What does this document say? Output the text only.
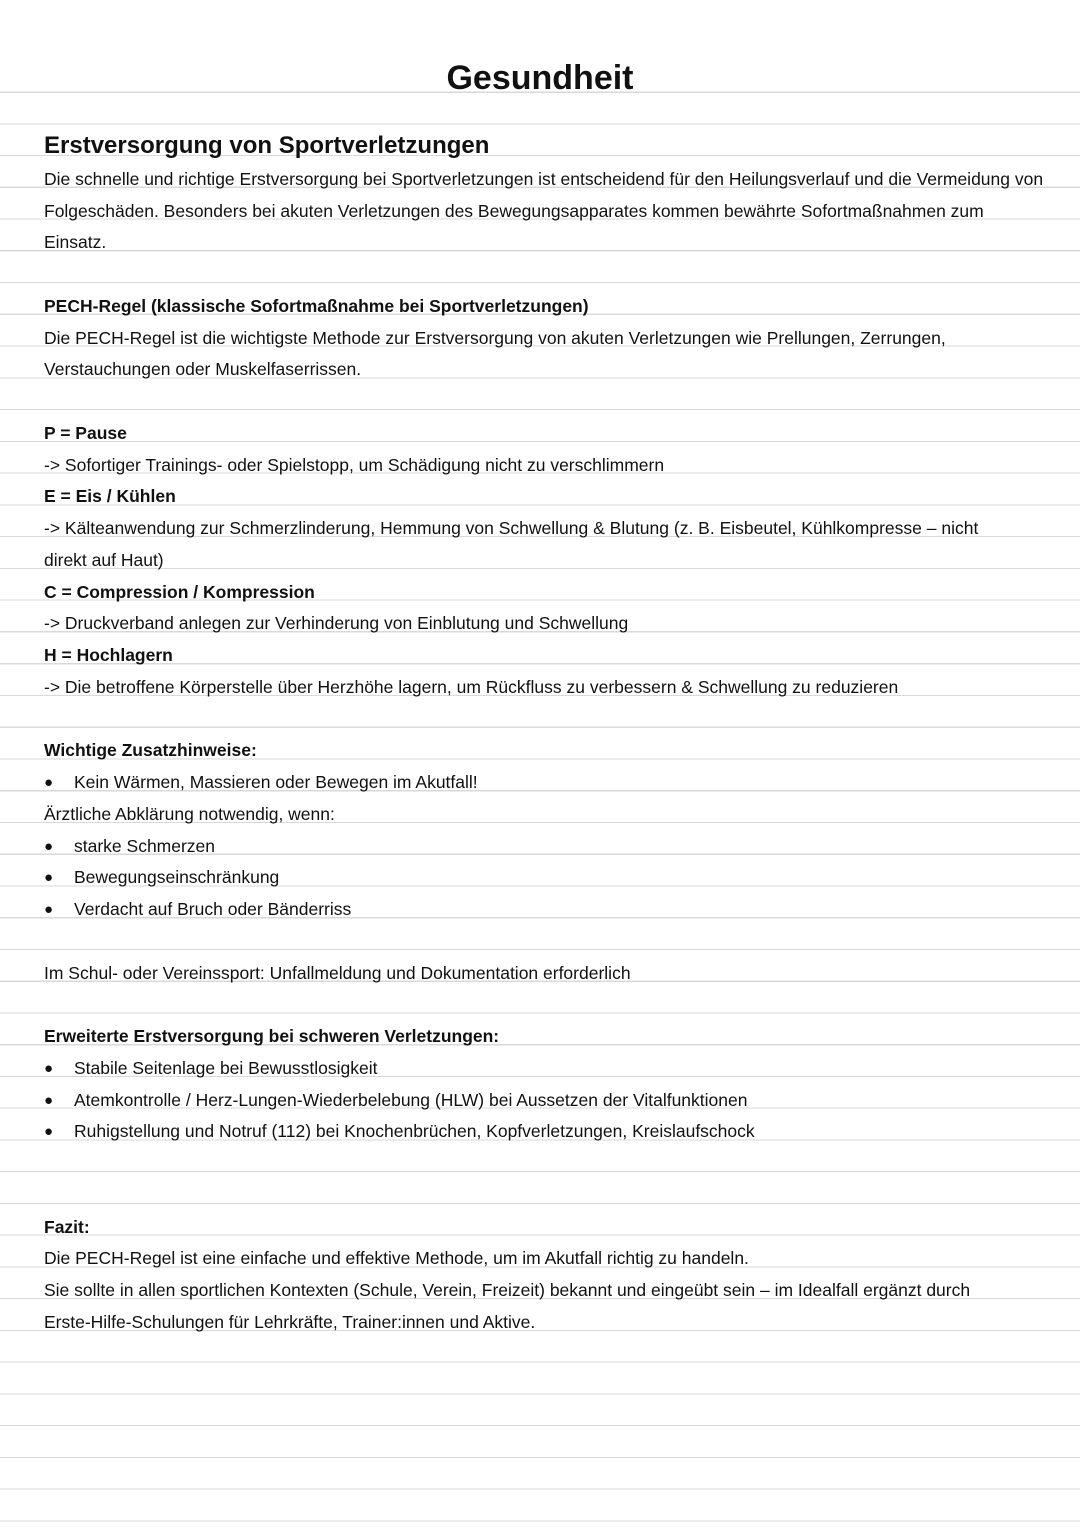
Gesundheit
Erstversorgung von Sportverletzungen

Die schnelle und richtige Erstversorgung bei Sportverletzungen ist entscheidend für den Heilungsverlauf und die Vermeidung von Folgeschäden. Besonders bei akuten Verletzungen des Bewegungsapparates kommen bewährte Sofortmaßnahmen zum Einsatz.

PECH-Regel (klassische Sofortmaßnahme bei Sportverletzungen)

Die PECH-Regel ist die wichtigste Methode zur Erstversorgung von akuten Verletzungen wie Prellungen, Zerrungen, Verstauchungen oder Muskelfaserrissen.

P = Pause

-> Sofortiger Trainings- oder Spielstopp, um Schädigung nicht zu verschlimmern

E = Eis / Kühlen

-> Kälteanwendung zur Schmerzlinderung, Hemmung von Schwellung & Blutung (z. B. Eisbeutel, Kühlkompresse – nicht direkt auf Haut)

C = Compression / Kompression

-> Druckverband anlegen zur Verhinderung von Einblutung und Schwellung

H = Hochlagern

-> Die betroffene Körperstelle über Herzhöhe lagern, um Rückfluss zu verbessern & Schwellung zu reduzieren

Wichtige Zusatzhinweise:

●	Kein Wärmen, Massieren oder Bewegen im Akutfall!

Ärztliche Abklärung notwendig, wenn:

●	starke Schmerzen
●	Bewegungseinschränkung
●	Verdacht auf Bruch oder Bänderriss

Im Schul- oder Vereinssport: Unfallmeldung und Dokumentation erforderlich

Erweiterte Erstversorgung bei schweren Verletzungen:

●	Stabile Seitenlage bei Bewusstlosigkeit
●	Atemkontrolle / Herz-Lungen-Wiederbelebung (HLW) bei Aussetzen der Vitalfunktionen
●	Ruhigstellung und Notruf (112) bei Knochenbrüchen, Kopfverletzungen, Kreislaufschock

Fazit:

Die PECH-Regel ist eine einfache und effektive Methode, um im Akutfall richtig zu handeln.

Sie sollte in allen sportlichen Kontexten (Schule, Verein, Freizeit) bekannt und eingeübt sein – im Idealfall ergänzt durch Erste-Hilfe-Schulungen für Lehrkräfte, Trainer:innen und Aktive.
